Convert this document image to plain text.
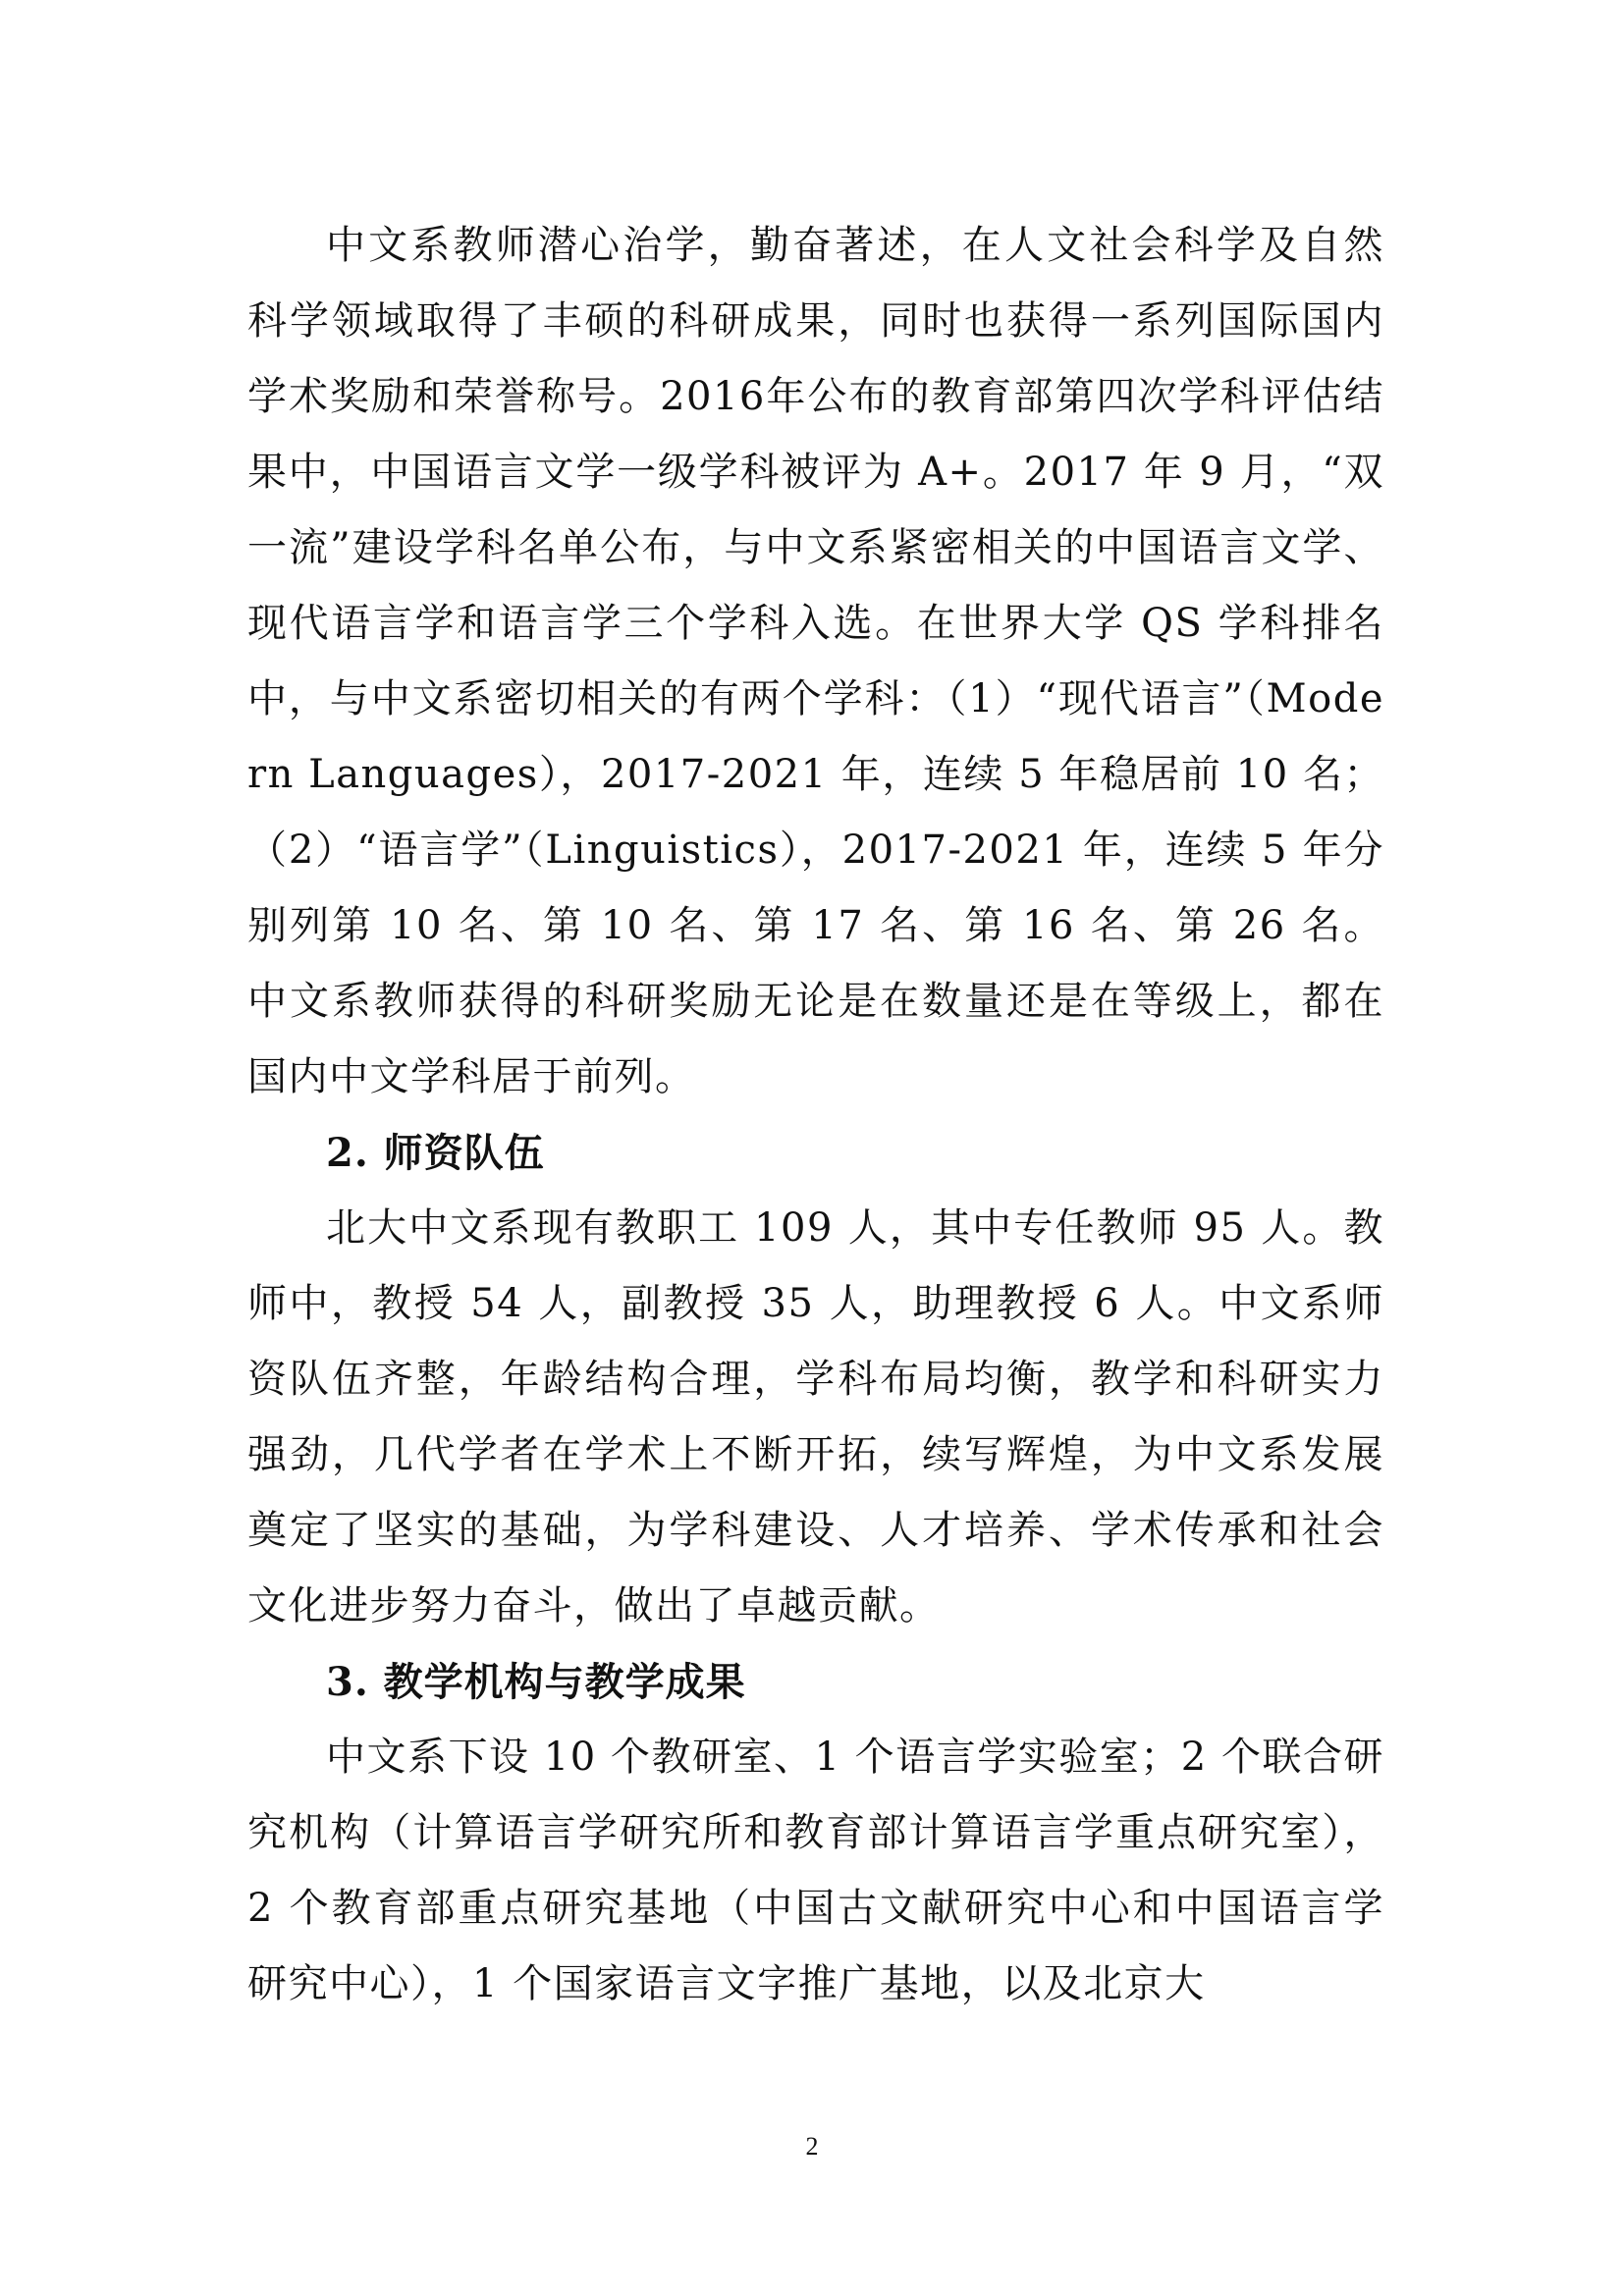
中文系教师潜心治学，勤奋著述，在人文社会科学及自然科学领域取得了丰硕的科研成果，同时也获得一系列国际国内学术奖励和荣誉称号。2016年公布的教育部第四次学科评估结果中，中国语言文学一级学科被评为 A+。2017 年 9 月，“双一流”建设学科名单公布，与中文系紧密相关的中国语言文学、现代语言学和语言学三个学科入选。在世界大学 QS 学科排名中，与中文系密切相关的有两个学科：（1）“现代语言”（Modern Languages），2017-2021 年，连续 5 年稳居前 10 名；（2）“语言学”（Linguistics），2017-2021 年，连续 5 年分别列第 10 名、第 10 名、第 17 名、第 16 名、第 26 名。中文系教师获得的科研奖励无论是在数量还是在等级上，都在国内中文学科居于前列。

2. 师资队伍

北大中文系现有教职工 109 人，其中专任教师 95 人。教师中，教授 54 人，副教授 35 人，助理教授 6 人。中文系师资队伍齐整，年龄结构合理，学科布局均衡，教学和科研实力强劲，几代学者在学术上不断开拓，续写辉煌，为中文系发展奠定了坚实的基础，为学科建设、人才培养、学术传承和社会文化进步努力奋斗，做出了卓越贡献。

3. 教学机构与教学成果

中文系下设 10 个教研室、1 个语言学实验室；2 个联合研究机构（计算语言学研究所和教育部计算语言学重点研究室），2 个教育部重点研究基地（中国古文献研究中心和中国语言学研究中心），1 个国家语言文字推广基地，以及北京大

2
